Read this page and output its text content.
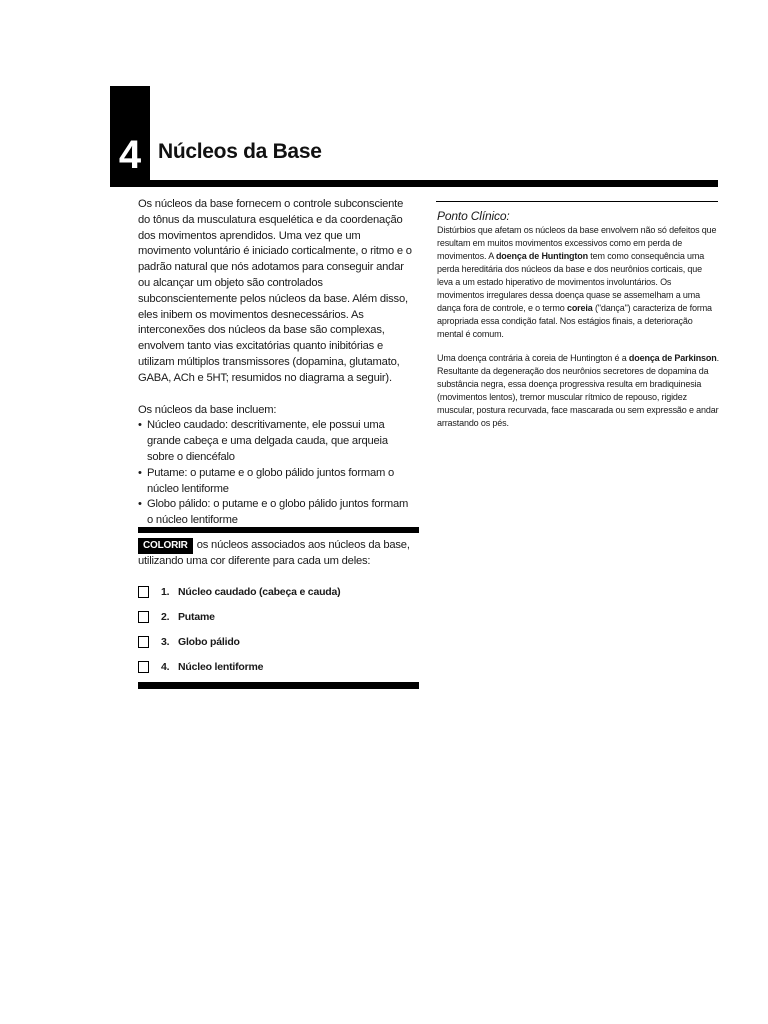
4 Núcleos da Base

Os núcleos da base fornecem o controle subconsciente do tônus da musculatura esquelética e da coordenação dos movimentos aprendidos. Uma vez que um movimento voluntário é iniciado corticalmente, o ritmo e o padrão natural que nós adotamos para conseguir andar ou alcançar um objeto são controlados subconscientemente pelos núcleos da base. Além disso, eles inibem os movimentos desnecessários. As interconexões dos núcleos da base são complexas, envolvem tanto vias excitatórias quanto inibitórias e utilizam múltiplos transmissores (dopamina, glutamato, GABA, ACh e 5HT; resumidos no diagrama a seguir).

Os núcleos da base incluem:

• Núcleo caudado: descritivamente, ele possui uma grande cabeça e uma delgada cauda, que arqueia sobre o diencéfalo
• Putame: o putame e o globo pálido juntos formam o núcleo lentiforme
• Globo pálido: o putame e o globo pálido juntos formam o núcleo lentiforme
Ponto Clínico:

Distúrbios que afetam os núcleos da base envolvem não só defeitos que resultam em muitos movimentos excessivos como em perda de movimentos. A doença de Huntington tem como consequência uma perda hereditária dos núcleos da base e dos neurônios corticais, que leva a um estado hiperativo de movimentos involuntários. Os movimentos irregulares dessa doença quase se assemelham a uma dança fora de controle, e o termo coreia ("dança") caracteriza de forma apropriada essa condição fatal. Nos estágios finais, a deterioração mental é comum.

Uma doença contrária à coreia de Huntington é a doença de Parkinson. Resultante da degeneração dos neurônios secretores de dopamina da substância negra, essa doença progressiva resulta em bradiquinesia (movimentos lentos), tremor muscular rítmico de repouso, rigidez muscular, postura recurvada, face mascarada ou sem expressão e andar arrastando os pés.

COLORIR os núcleos associados aos núcleos da base, utilizando uma cor diferente para cada um deles:
1. Núcleo caudado (cabeça e cauda)
2. Putame
3. Globo pálido
4. Núcleo lentiforme
